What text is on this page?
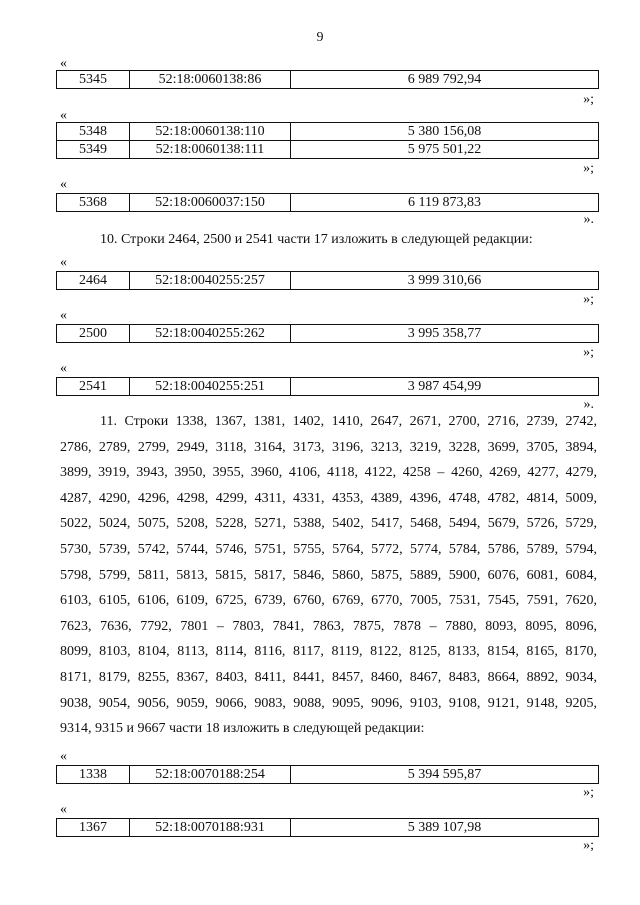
9
«
5345	52:18:0060138:86	6 989 792,94
»;
«
5348	52:18:0060138:110	5 380 156,08
5349	52:18:0060138:111	5 975 501,22
»;
«
5368	52:18:0060037:150	6 119 873,83
».
10. Строки 2464, 2500 и 2541 части 17 изложить в следующей редакции:
«
2464	52:18:0040255:257	3 999 310,66
»;
«
2500	52:18:0040255:262	3 995 358,77
»;
«
2541	52:18:0040255:251	3 987 454,99
».
11. Строки 1338, 1367, 1381, 1402, 1410, 2647, 2671, 2700, 2716, 2739, 2742,
2786, 2789, 2799, 2949, 3118, 3164, 3173, 3196, 3213, 3219, 3228, 3699, 3705, 3894,
3899, 3919, 3943, 3950, 3955, 3960, 4106, 4118, 4122, 4258 – 4260, 4269, 4277, 4279,
4287, 4290, 4296, 4298, 4299, 4311, 4331, 4353, 4389, 4396, 4748, 4782, 4814, 5009,
5022, 5024, 5075, 5208, 5228, 5271, 5388, 5402, 5417, 5468, 5494, 5679, 5726, 5729,
5730, 5739, 5742, 5744, 5746, 5751, 5755, 5764, 5772, 5774, 5784, 5786, 5789, 5794,
5798, 5799, 5811, 5813, 5815, 5817, 5846, 5860, 5875, 5889, 5900, 6076, 6081, 6084,
6103, 6105, 6106, 6109, 6725, 6739, 6760, 6769, 6770, 7005, 7531, 7545, 7591, 7620,
7623, 7636, 7792, 7801 – 7803, 7841, 7863, 7875, 7878 – 7880, 8093, 8095, 8096,
8099, 8103, 8104, 8113, 8114, 8116, 8117, 8119, 8122, 8125, 8133, 8154, 8165, 8170,
8171, 8179, 8255, 8367, 8403, 8411, 8441, 8457, 8460, 8467, 8483, 8664, 8892, 9034,
9038, 9054, 9056, 9059, 9066, 9083, 9088, 9095, 9096, 9103, 9108, 9121, 9148, 9205,
9314, 9315 и 9667 части 18 изложить в следующей редакции:
«
1338	52:18:0070188:254	5 394 595,87
»;
«
1367	52:18:0070188:931	5 389 107,98
»;
